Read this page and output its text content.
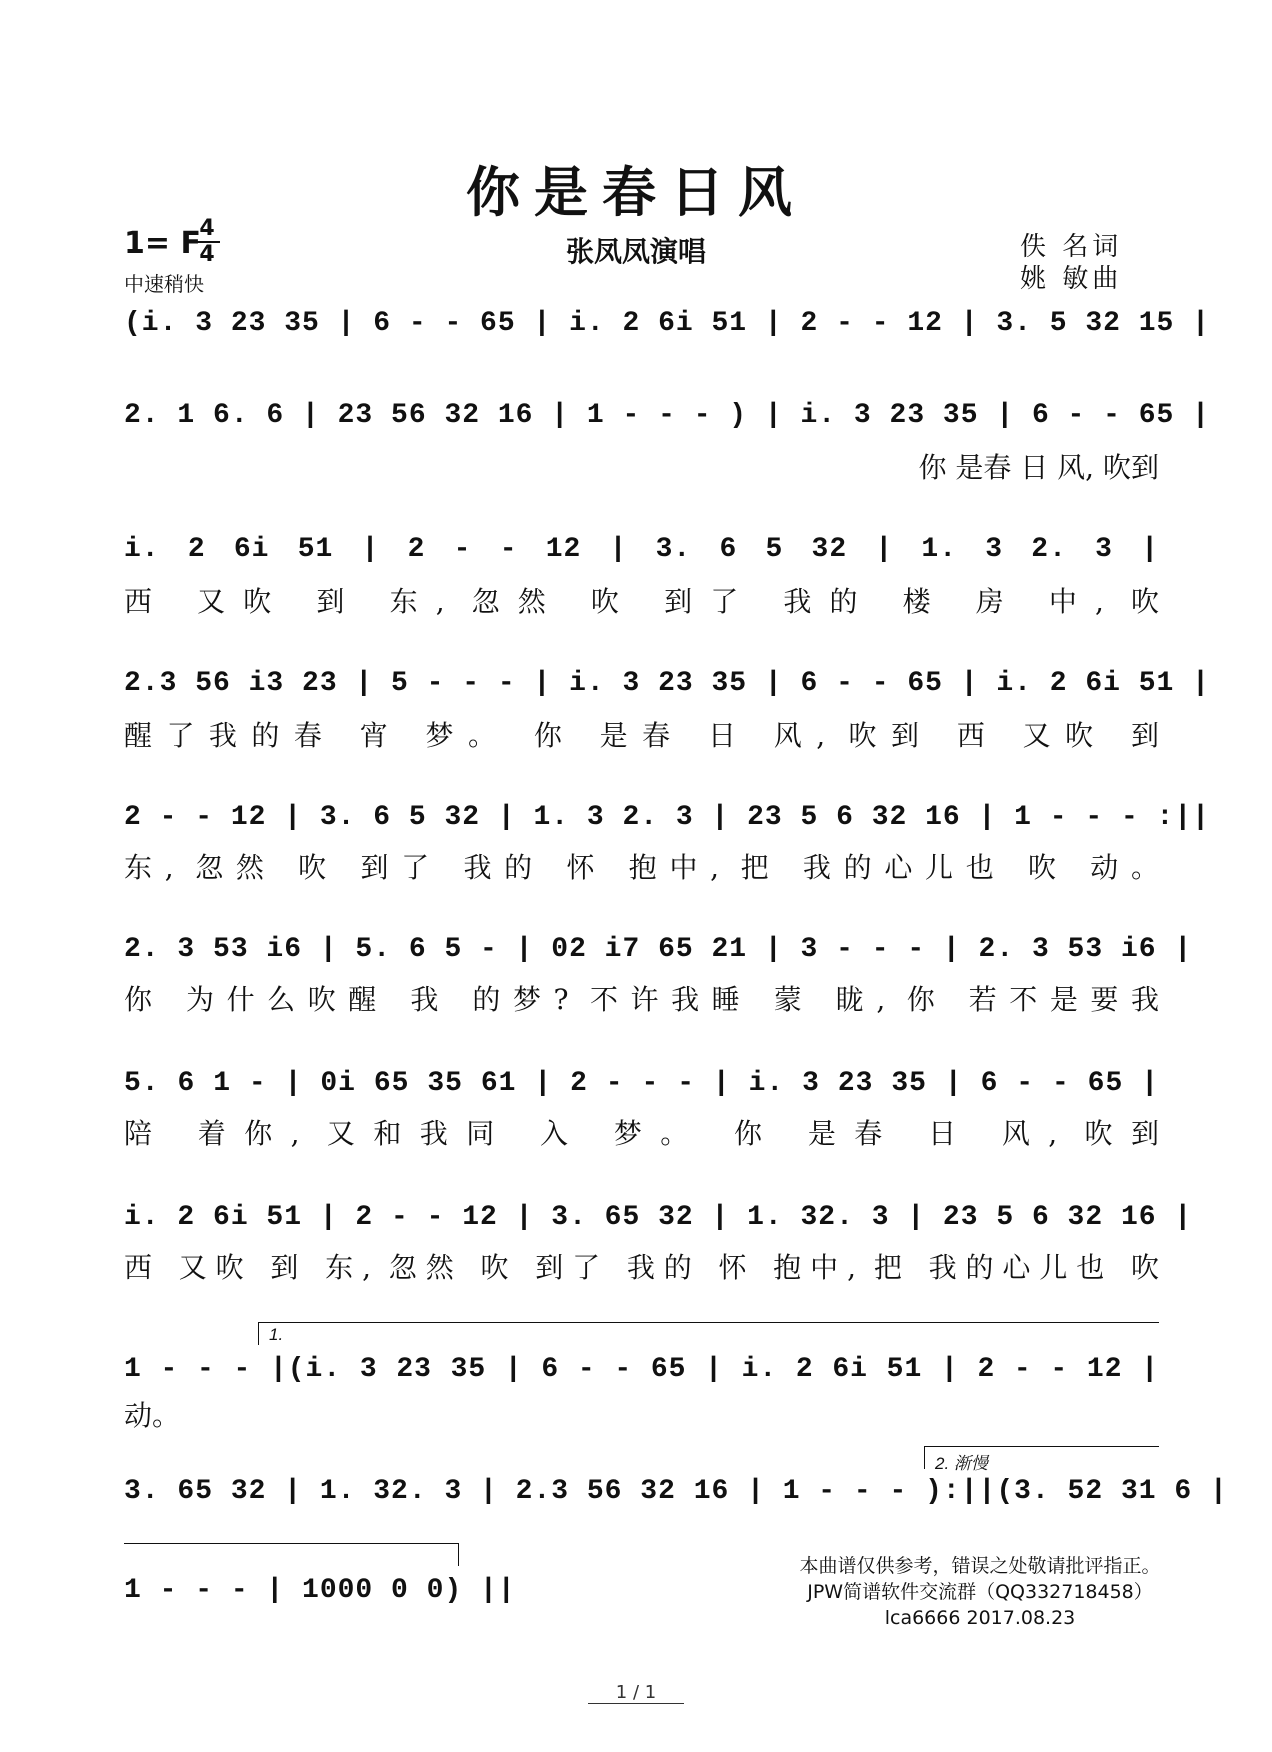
你是春日风
1= F
4
4
中速稍快
张凤凤演唱	佚 名词
姚 敏曲
(i. 3 23 35 | 6 - - 65 | i. 2 6i 51 | 2 - - 12 | 3. 5 32 15 |
2. 1 6. 6 | 23 56 32 16 | 1 - - - ) | i. 3 23 35 | 6 - - 65 |
你 是春 日 风, 吹到
i. 2 6i 51 | 2 - - 12 | 3. 6 5 32 | 1. 3 2. 3 |
西 又吹 到 东, 忽然 吹 到了 我的 楼 房 中, 吹
2.3 56 i3 23 | 5 - - - | i. 3 23 35 | 6 - - 65 | i. 2 6i 51 |
醒了我的春 宵 梦。 你 是春 日 风, 吹到 西 又吹 到
2 - - 12 | 3. 6 5 32 | 1. 3 2. 3 | 23 5 6 32 16 | 1 - - - :||
东, 忽然 吹 到了 我的 怀 抱中, 把 我的心儿也 吹 动。
2. 3 53 i6 | 5. 6 5 - | 02 i7 65 21 | 3 - - - | 2. 3 53 i6 |
你 为什么吹醒 我 的梦? 不许我睡 蒙 眬, 你 若不是要我
5. 6 1 - | 0i 65 35 61 | 2 - - - | i. 3 23 35 | 6 - - 65 |
陪 着你, 又和我同 入 梦。 你 是春 日 风, 吹到
i. 2 6i 51 | 2 - - 12 | 3. 65 32 | 1. 32. 3 | 23 5 6 32 16 |
西 又吹 到 东, 忽然 吹 到了 我的 怀 抱中, 把 我的心儿也 吹
1.
1 - - - |(i. 3 23 35 | 6 - - 65 | i. 2 6i 51 | 2 - - 12 |
动。
2. 渐慢
3. 65 32 | 1. 32. 3 | 2.3 56 32 16 | 1 - - - ):||(3. 52 31 6 |
1 - - - | 1000 0 0) ||
本曲谱仅供参考，错误之处敬请批评指正。
JPW简谱软件交流群（QQ332718458）
lca6666 2017.08.23
1 / 1
